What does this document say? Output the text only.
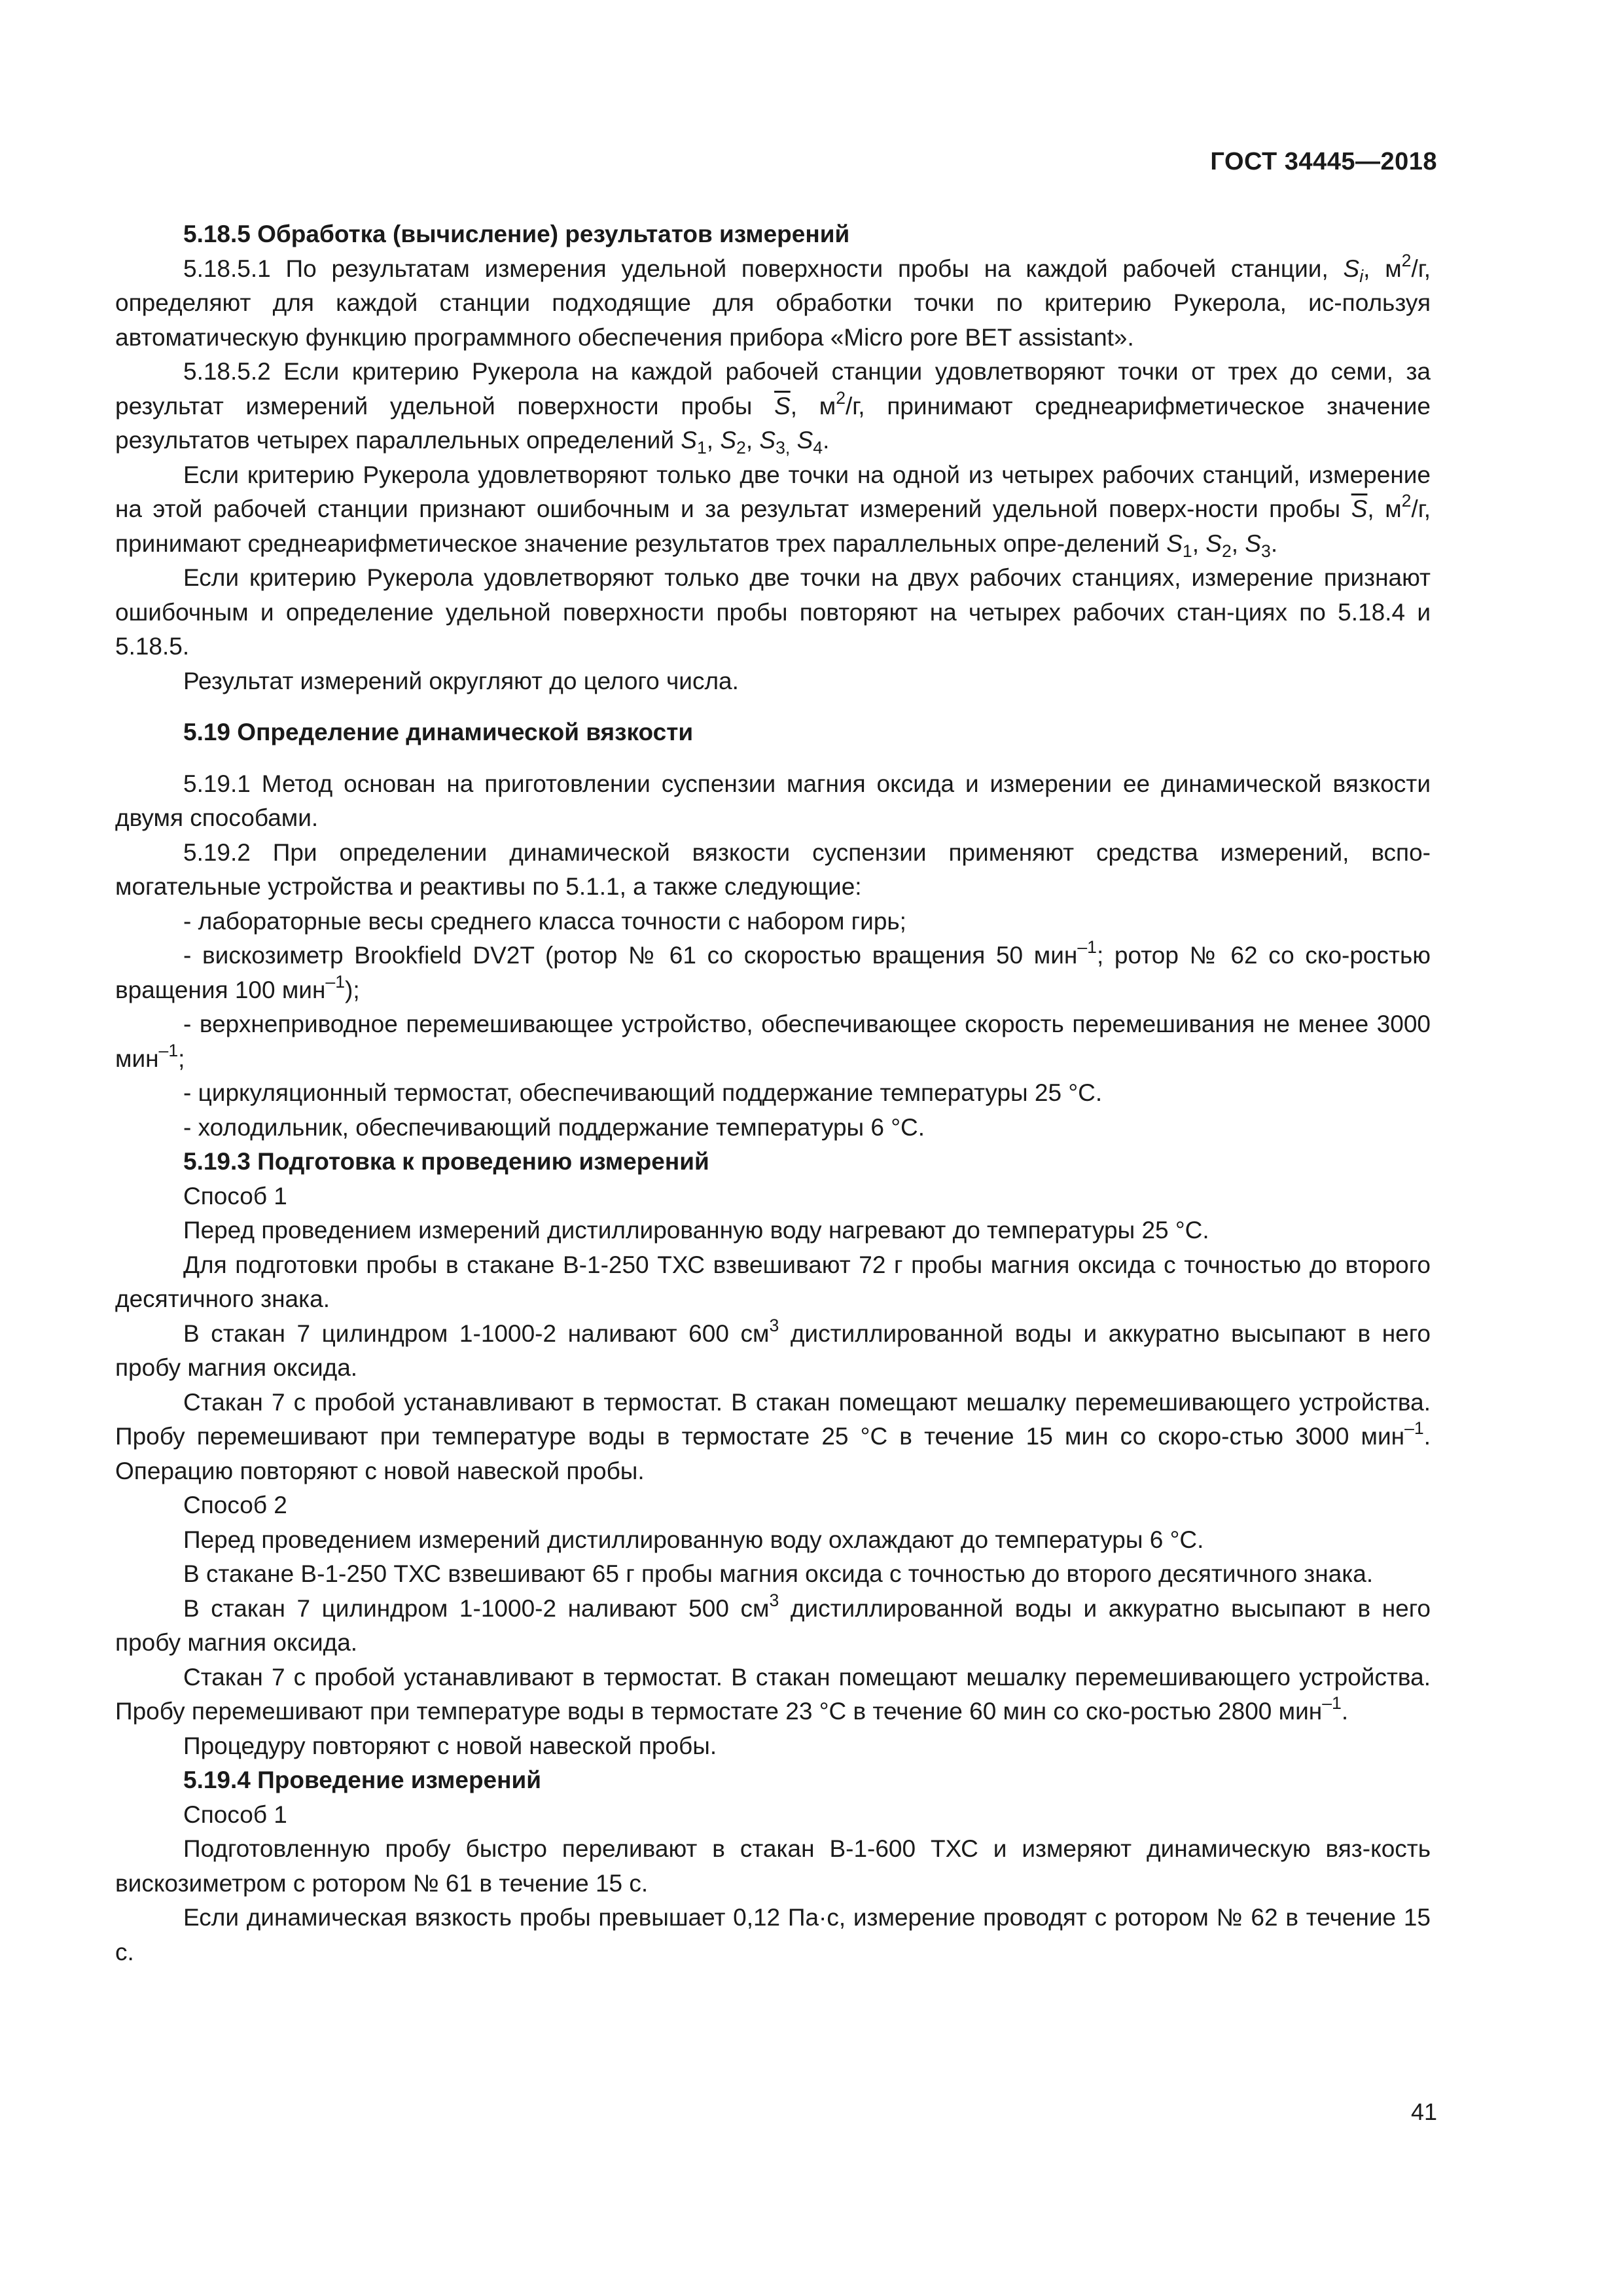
ГОСТ 34445—2018

5.18.5 Обработка (вычисление) результатов измерений

5.18.5.1 По результатам измерения удельной поверхности пробы на каждой рабочей станции, $S_i$, $м^2/г$, определяют для каждой станции подходящие для обработки точки по критерию Рукерола, ис-пользуя автоматическую функцию программного обеспечения прибора «Micro pore BET assistant».

5.18.5.2 Если критерию Рукерола на каждой рабочей станции удовлетворяют точки от трех до семи, за результат измерений удельной поверхности пробы $\overline{S}$, $м^2/г$, принимают среднеарифметическое значение результатов четырех параллельных определений $S_1$, $S_2$, $S_{3,}$ $S_4$.

Если критерию Рукерола удовлетворяют только две точки на одной из четырех рабочих станций, измерение на этой рабочей станции признают ошибочным и за результат измерений удельной поверх-ности пробы $\overline{S}$, $м^2/г$, принимают среднеарифметическое значение результатов трех параллельных опре-делений $S_1$, $S_2$, $S_3$.

Если критерию Рукерола удовлетворяют только две точки на двух рабочих станциях, измерение признают ошибочным и определение удельной поверхности пробы повторяют на четырех рабочих стан-циях по 5.18.4 и 5.18.5.

Результат измерений округляют до целого числа.

5.19 Определение динамической вязкости

5.19.1 Метод основан на приготовлении суспензии магния оксида и измерении ее динамической вязкости двумя способами.

5.19.2 При определении динамической вязкости суспензии применяют средства измерений, вспо-могательные устройства и реактивы по 5.1.1, а также следующие:

- лабораторные весы среднего класса точности с набором гирь;

- вискозиметр Brookfield DV2T (ротор № 61 со скоростью вращения 50 мин$^{-1}$; ротор № 62 со ско-ростью вращения 100 мин$^{-1}$);

- верхнеприводное перемешивающее устройство, обеспечивающее скорость перемешивания не менее 3000 мин$^{-1}$;

- циркуляционный термостат, обеспечивающий поддержание температуры 25 °С.

- холодильник, обеспечивающий поддержание температуры 6 °С.

5.19.3 Подготовка к проведению измерений

Способ 1

Перед проведением измерений дистиллированную воду нагревают до температуры 25 °С.

Для подготовки пробы в стакане В-1-250 ТХС взвешивают 72 г пробы магния оксида с точностью до второго десятичного знака.

В стакан 7 цилиндром 1-1000-2 наливают 600 $см^3$ дистиллированной воды и аккуратно высыпают в него пробу магния оксида.

Стакан 7 с пробой устанавливают в термостат. В стакан помещают мешалку перемешивающего устройства. Пробу перемешивают при температуре воды в термостате 25 °С в течение 15 мин со скоро-стью 3000 мин$^{-1}$. Операцию повторяют с новой навеской пробы.

Способ 2

Перед проведением измерений дистиллированную воду охлаждают до температуры 6 °С.

В стакане В-1-250 ТХС взвешивают 65 г пробы магния оксида с точностью до второго десятичного знака.

В стакан 7 цилиндром 1-1000-2 наливают 500 $см^3$ дистиллированной воды и аккуратно высыпают в него пробу магния оксида.

Стакан 7 с пробой устанавливают в термостат. В стакан помещают мешалку перемешивающего устройства. Пробу перемешивают при температуре воды в термостате 23 °С в течение 60 мин со ско-ростью 2800 мин$^{-1}$.

Процедуру повторяют с новой навеской пробы.

5.19.4 Проведение измерений

Способ 1

Подготовленную пробу быстро переливают в стакан В-1-600 ТХС и измеряют динамическую вяз-кость вискозиметром с ротором № 61 в течение 15 с.

Если динамическая вязкость пробы превышает 0,12 Па·с, измерение проводят с ротором № 62 в течение 15 с.

41
